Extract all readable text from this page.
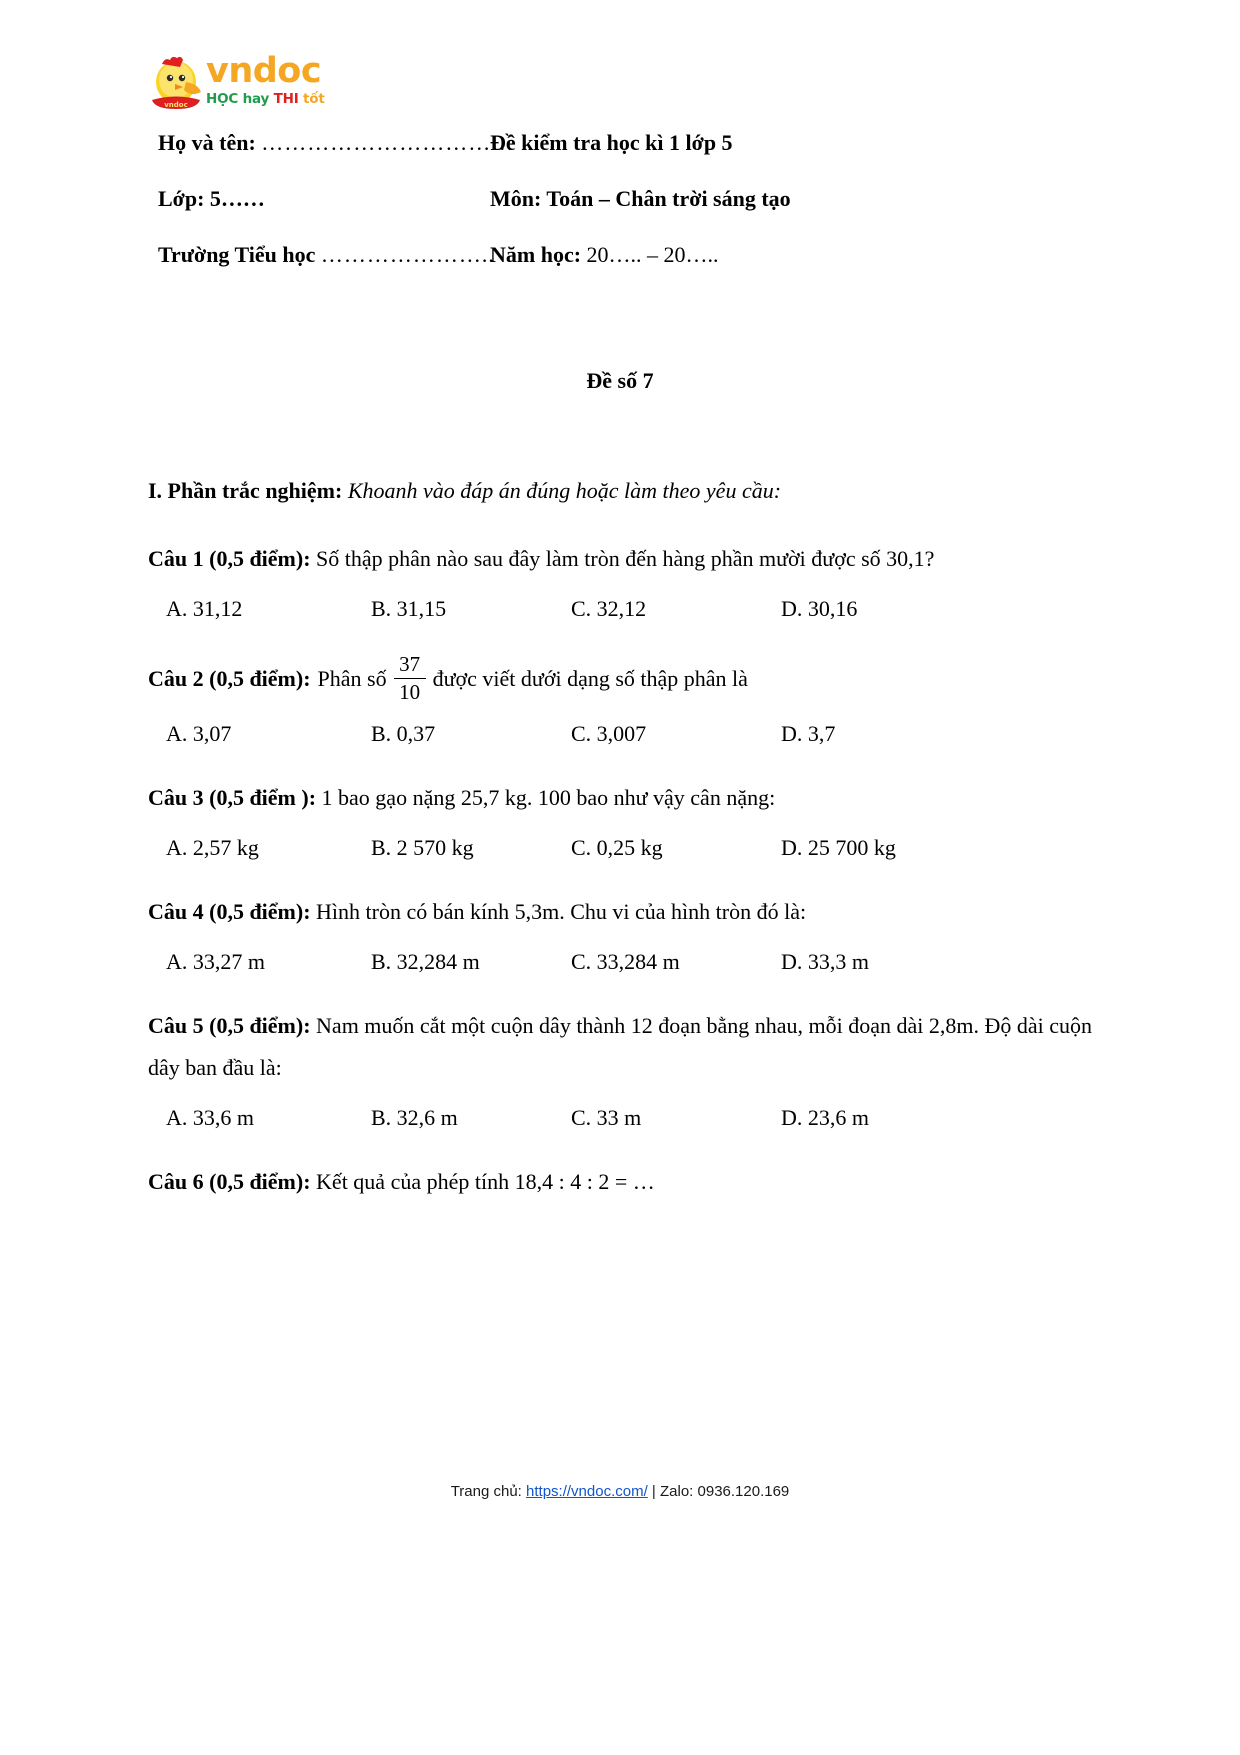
vndoc
vndoc
HỌC hay THI tốt
Họ và tên: ……………………………
Đề kiểm tra học kì 1 lớp 5
Lớp: 5……	Môn: Toán – Chân trời sáng tạo
Trường Tiểu học …………………..
Năm học: 20….. – 20…..
Đề số 7
I. Phần trắc nghiệm: Khoanh vào đáp án đúng hoặc làm theo yêu cầu:
Câu 1 (0,5 điểm): Số thập phân nào sau đây làm tròn đến hàng phần mười được số 30,1?
A. 31,12	B. 31,15	C. 32,12	D. 30,16
Câu 2 (0,5 điểm): Phân số $\frac{37}{10}$ được viết dưới dạng số thập phân là
A. 3,07	B. 0,37	C. 3,007	D. 3,7
Câu 3 (0,5 điểm ): 1 bao gạo nặng 25,7 kg. 100 bao như vậy cân nặng:
A. 2,57 kg	B. 2 570 kg	C. 0,25 kg	D. 25 700 kg
Câu 4 (0,5 điểm): Hình tròn có bán kính 5,3m. Chu vi của hình tròn đó là:
A. 33,27 m	B. 32,284 m	C. 33,284 m	D. 33,3 m
Câu 5 (0,5 điểm): Nam muốn cắt một cuộn dây thành 12 đoạn bằng nhau, mỗi đoạn dài 2,8m. Độ dài cuộn dây ban đầu là:
A. 33,6 m	B. 32,6 m	C. 33 m	D. 23,6 m
Câu 6 (0,5 điểm): Kết quả của phép tính 18,4 : 4 : 2 = …
Trang chủ: https://vndoc.com/ | Zalo: 0936.120.169
